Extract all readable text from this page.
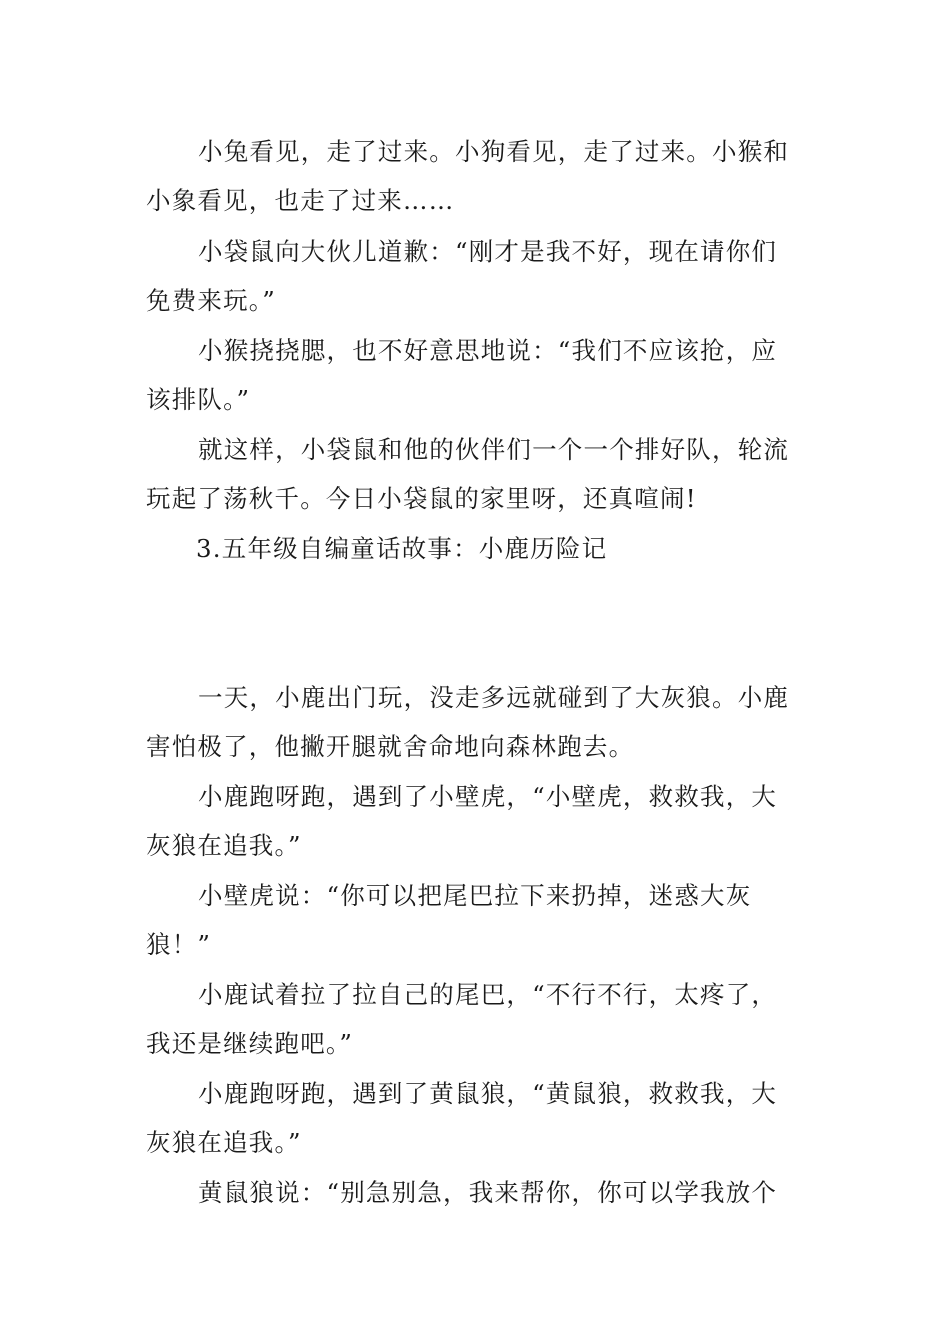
小兔看见，走了过来。小狗看见，走了过来。小猴和
小象看见，也走了过来……
小袋鼠向大伙儿道歉：“刚才是我不好，现在请你们
免费来玩。”
小猴挠挠腮，也不好意思地说：“我们不应该抢，应
该排队。”
就这样，小袋鼠和他的伙伴们一个一个排好队，轮流
玩起了荡秋千。今日小袋鼠的家里呀，还真喧闹!
3.五年级自编童话故事：小鹿历险记
一天，小鹿出门玩，没走多远就碰到了大灰狼。小鹿
害怕极了，他撇开腿就舍命地向森林跑去。
小鹿跑呀跑，遇到了小壁虎，“小壁虎，救救我，大
灰狼在追我。”
小壁虎说：“你可以把尾巴拉下来扔掉，迷惑大灰
狼！”
小鹿试着拉了拉自己的尾巴，“不行不行，太疼了，
我还是继续跑吧。”
小鹿跑呀跑，遇到了黄鼠狼，“黄鼠狼，救救我，大
灰狼在追我。”
黄鼠狼说：“别急别急，我来帮你，你可以学我放个
